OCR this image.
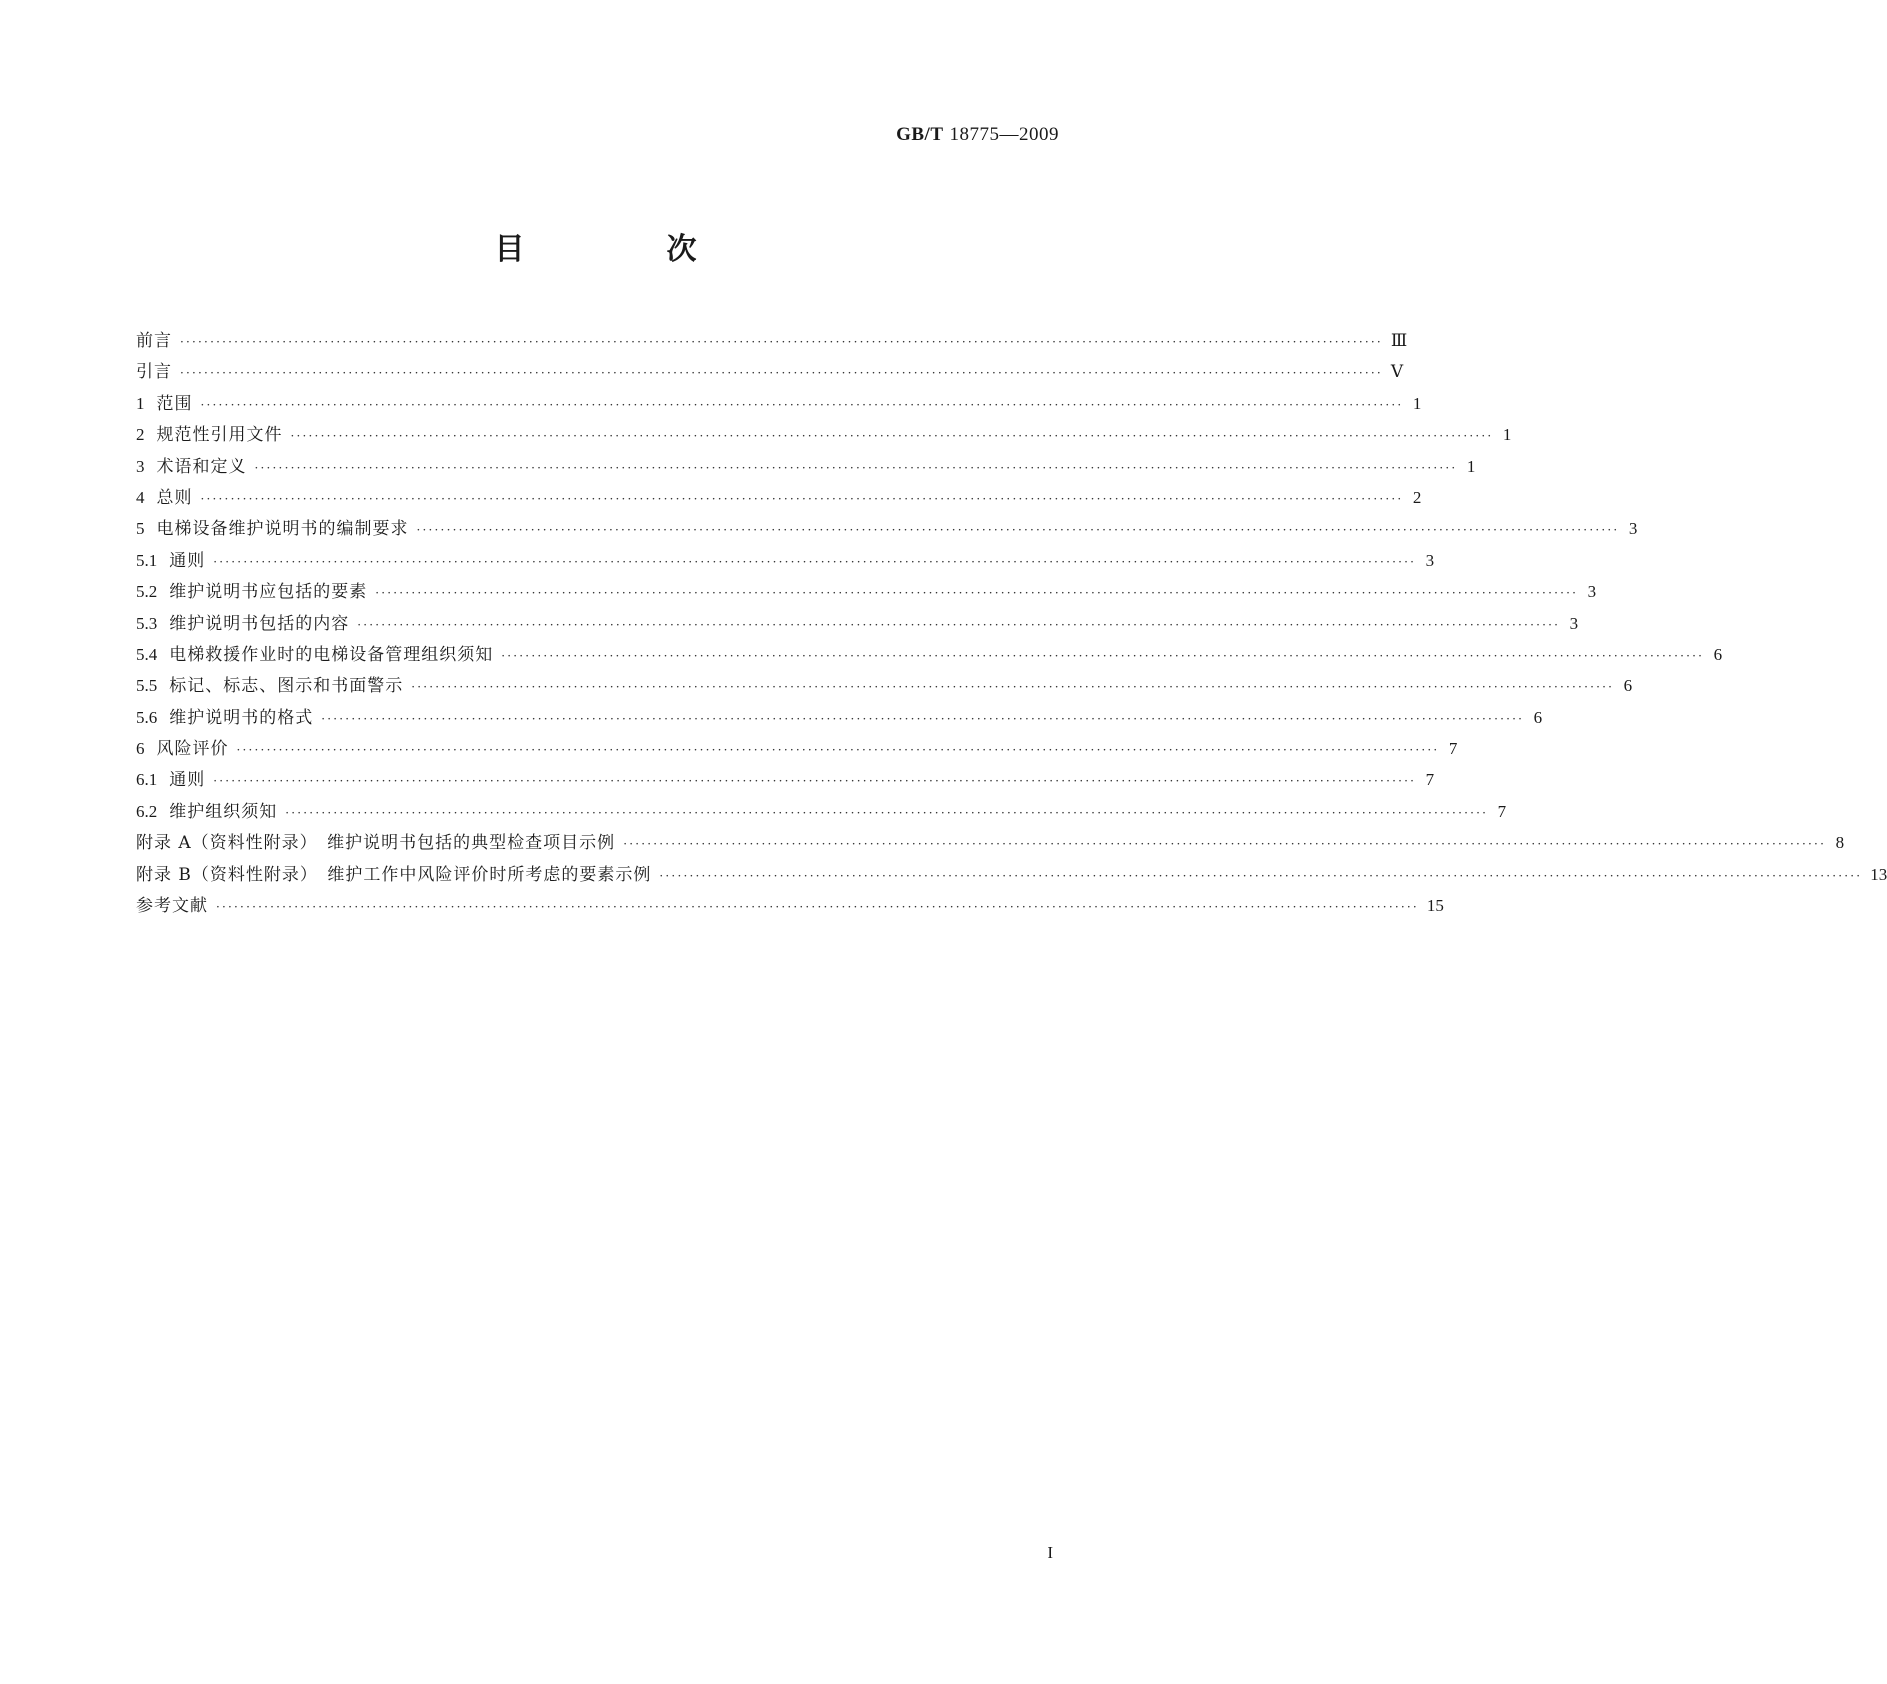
GB/T 18775—2009
目　次
前言 ········································································································································································································ Ⅲ
引言 ········································································································································································································ Ⅴ
1 范围 ········································································································································································································ 1
2 规范性引用文件 ········································································································································································································ 1
3 术语和定义 ········································································································································································································ 1
4 总则 ········································································································································································································ 2
5 电梯设备维护说明书的编制要求 ········································································································································································································ 3
5.1 通则 ········································································································································································································ 3
5.2 维护说明书应包括的要素 ········································································································································································································ 3
5.3 维护说明书包括的内容 ········································································································································································································ 3
5.4 电梯救援作业时的电梯设备管理组织须知 ········································································································································································································ 6
5.5 标记、标志、图示和书面警示 ········································································································································································································ 6
5.6 维护说明书的格式 ········································································································································································································ 6
6 风险评价 ········································································································································································································ 7
6.1 通则 ········································································································································································································ 7
6.2 维护组织须知 ········································································································································································································ 7
附录 A（资料性附录）　维护说明书包括的典型检查项目示例 ········································································································································································································ 8
附录 B（资料性附录）　维护工作中风险评价时所考虑的要素示例 ········································································································································································································ 13
参考文献 ········································································································································································································ 15
I
